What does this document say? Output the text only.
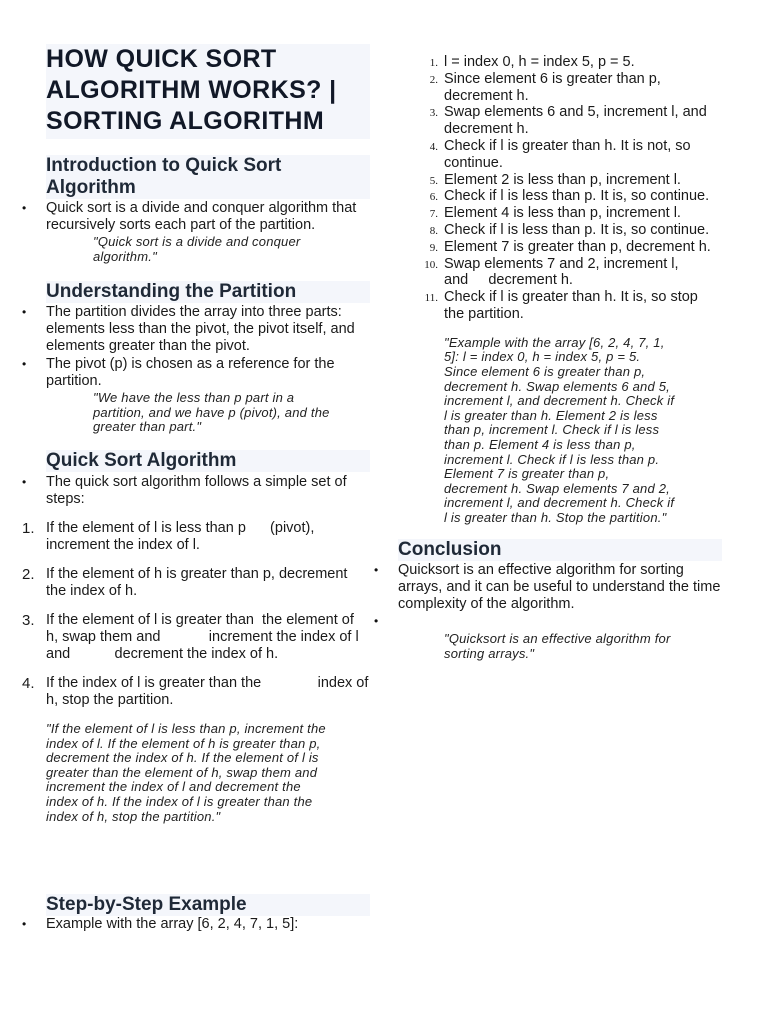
HOW QUICK SORT ALGORITHM WORKS? | SORTING ALGORITHM
Introduction to Quick Sort Algorithm
• Quick sort is a divide and conquer algorithm that recursively sorts each part of the partition.

"Quick sort is a divide and conquer algorithm."

Understanding the Partition
• The partition divides the array into three parts: elements less than the pivot, the pivot itself, and elements greater than the pivot.
• The pivot (p) is chosen as a reference for the partition.

"We have the less than p part in a partition, and we have p (pivot), and the greater than part."

Quick Sort Algorithm
• The quick sort algorithm follows a simple set of steps:
1. If the element of l is less than p      (pivot), increment the index of l.
2. If the element of h is greater than p, decrement the index of h.
3. If the element of l is greater than  the element of h, swap them and            increment the index of l and           decrement the index of h.
4. If the index of l is greater than the              index of h, stop the partition.

"If the element of l is less than p, increment the index of l. If the element of h is greater than p, decrement the index of h. If the element of l is greater than the element of h, swap them and increment the index of l and decrement the index of h. If the index of l is greater than the index of h, stop the partition."

Step-by-Step Example
• Example with the array [6, 2, 4, 7, 1, 5]:
1. l = index 0, h = index 5, p = 5.
2. Since element 6 is greater than p, decrement h.
3. Swap elements 6 and 5, increment l, and decrement h.
4. Check if l is greater than h. It is not, so continue.
5. Element 2 is less than p, increment l.
6. Check if l is less than p. It is, so continue.
7. Element 4 is less than p, increment l.
8. Check if l is less than p. It is, so continue.
9. Element 7 is greater than p, decrement h.
10. Swap elements 7 and 2, increment l, and     decrement h.
11. Check if l is greater than h. It is, so stop the partition.

"Example with the array [6, 2, 4, 7, 1, 5]: l = index 0, h = index 5, p = 5. Since element 6 is greater than p, decrement h. Swap elements 6 and 5, increment l, and decrement h. Check if l is greater than h. Element 2 is less than p, increment l. Check if l is less than p. Element 4 is less than p, increment l. Check if l is less than p. Element 7 is greater than p, decrement h. Swap elements 7 and 2, increment l, and decrement h. Check if l is greater than h. Stop the partition."

Conclusion
• Quicksort is an effective algorithm for sorting arrays, and it can be useful to understand the time complexity of the algorithm.
•

"Quicksort is an effective algorithm for sorting arrays."
